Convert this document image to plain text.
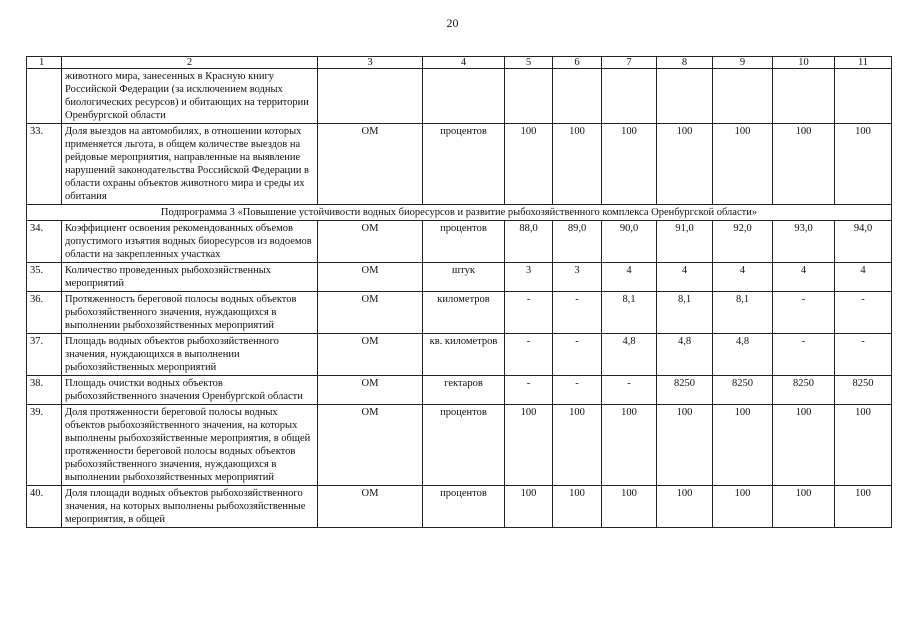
20
1	2	3	4	5	6	7	8	9	10	11
	животного мира, занесенных в Красную книгу Российской Федерации (за исключением водных биологических ресурсов) и обитающих на территории Оренбургской области									
33.	Доля выездов на автомобилях, в отношении которых применяется льгота, в общем количестве выездов на рейдовые мероприятия, направленные на выявление нарушений законодательства Российской Федерации в области охраны объектов животного мира и среды их обитания	ОМ	процентов	100	100	100	100	100	100	100
Подпрограмма 3 «Повышение устойчивости водных биоресурсов и развитие рыбохозяйственного комплекса Оренбургской области»										
34.	Коэффициент освоения рекомендованных объемов допустимого изъятия водных биоресурсов из водоемов области на закрепленных участках	ОМ	процентов	88,0	89,0	90,0	91,0	92,0	93,0	94,0
35.	Количество проведенных рыбохозяйственных мероприятий	ОМ	штук	3	3	4	4	4	4	4
36.	Протяженность береговой полосы водных объектов рыбохозяйственного значения, нуждающихся в выполнении рыбохозяйственных мероприятий	ОМ	километров	-	-	8,1	8,1	8,1	-	-
37.	Площадь водных объектов рыбохозяйственного значения, нуждающихся в выполнении рыбохозяйственных мероприятий	ОМ	кв. километров	-	-	4,8	4,8	4,8	-	-
38.	Площадь очистки водных объектов рыбохозяйственного значения Оренбургской области	ОМ	гектаров	-	-	-	8250	8250	8250	8250
39.	Доля протяженности береговой полосы водных объектов рыбохозяйственного значения, на которых выполнены рыбохозяйственные мероприятия, в общей протяженности береговой полосы водных объектов рыбохозяйственного значения, нуждающихся в выполнении рыбохозяйственных мероприятий	ОМ	процентов	100	100	100	100	100	100	100
40.	Доля площади водных объектов рыбохозяйственного значения, на которых выполнены рыбохозяйственные мероприятия, в общей	ОМ	процентов	100	100	100	100	100	100	100
